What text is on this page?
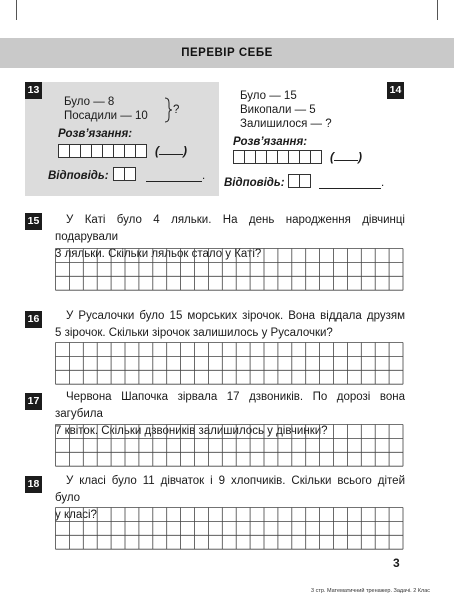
ПЕРЕВІР СЕБЕ
13
Було — 8
Посадили — 10 ?
Розв’язання:
( )
Відповідь:	.
14
Було — 15
Викопали — 5
Залишилося — ?
Розв’язання:
( )
Відповідь:	.
15	У Каті було 4 ляльки. На день народження дівчинці подарували
3 ляльки. Скільки ляльок стало у Каті?
16	У Русалочки було 15 морських зірочок. Вона віддала друзям
5 зірочок. Скільки зірочок залишилось у Русалочки?
17	Червона Шапочка зірвала 17 дзвоників. По дорозі вона загубила
7 квіток. Скільки дзвоників залишилось у дівчинки?
18	У класі було 11 дівчаток і 9 хлопчиків. Скільки всього дітей було
у класі?
3
3 стр. Математичний тренажер. Задачі. 2 Клас
